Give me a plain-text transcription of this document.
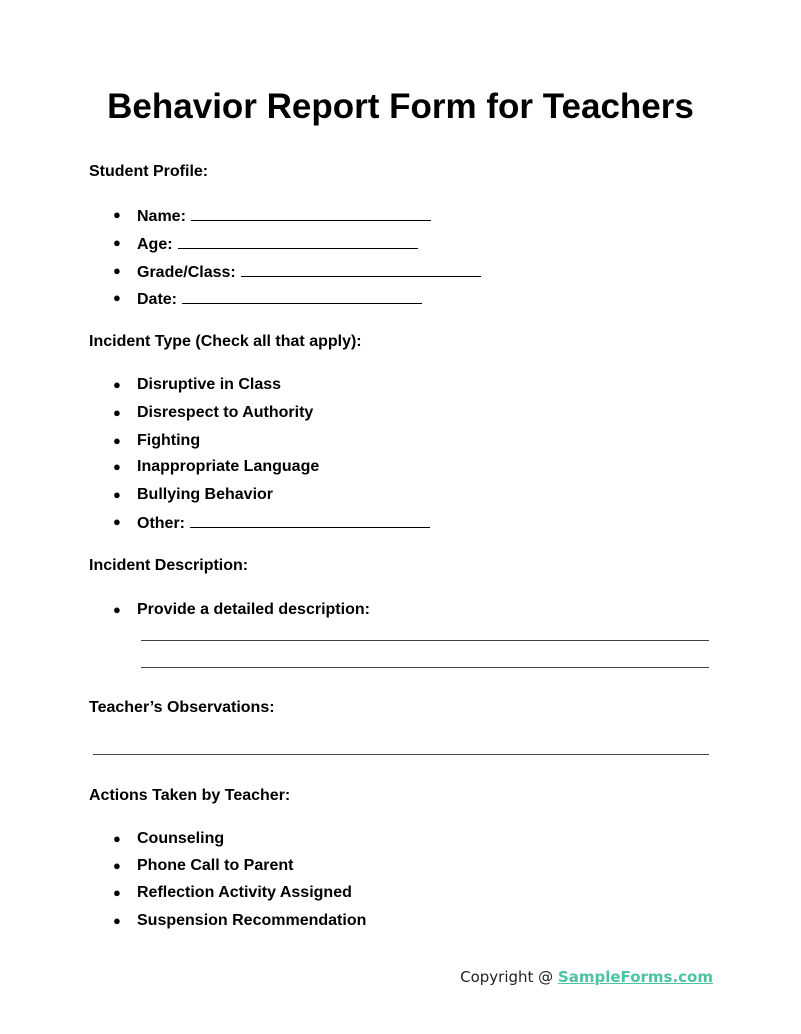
Behavior Report Form for Teachers

Student Profile:

● Name:
● Age:
● Grade/Class:
● Date:

Incident Type (Check all that apply):

● Disruptive in Class
● Disrespect to Authority
● Fighting
● Inappropriate Language
● Bullying Behavior
● Other:

Incident Description:

● Provide a detailed description:

Teacher’s Observations:

Actions Taken by Teacher:

● Counseling
● Phone Call to Parent
● Reflection Activity Assigned
● Suspension Recommendation
Copyright @ SampleForms.com
